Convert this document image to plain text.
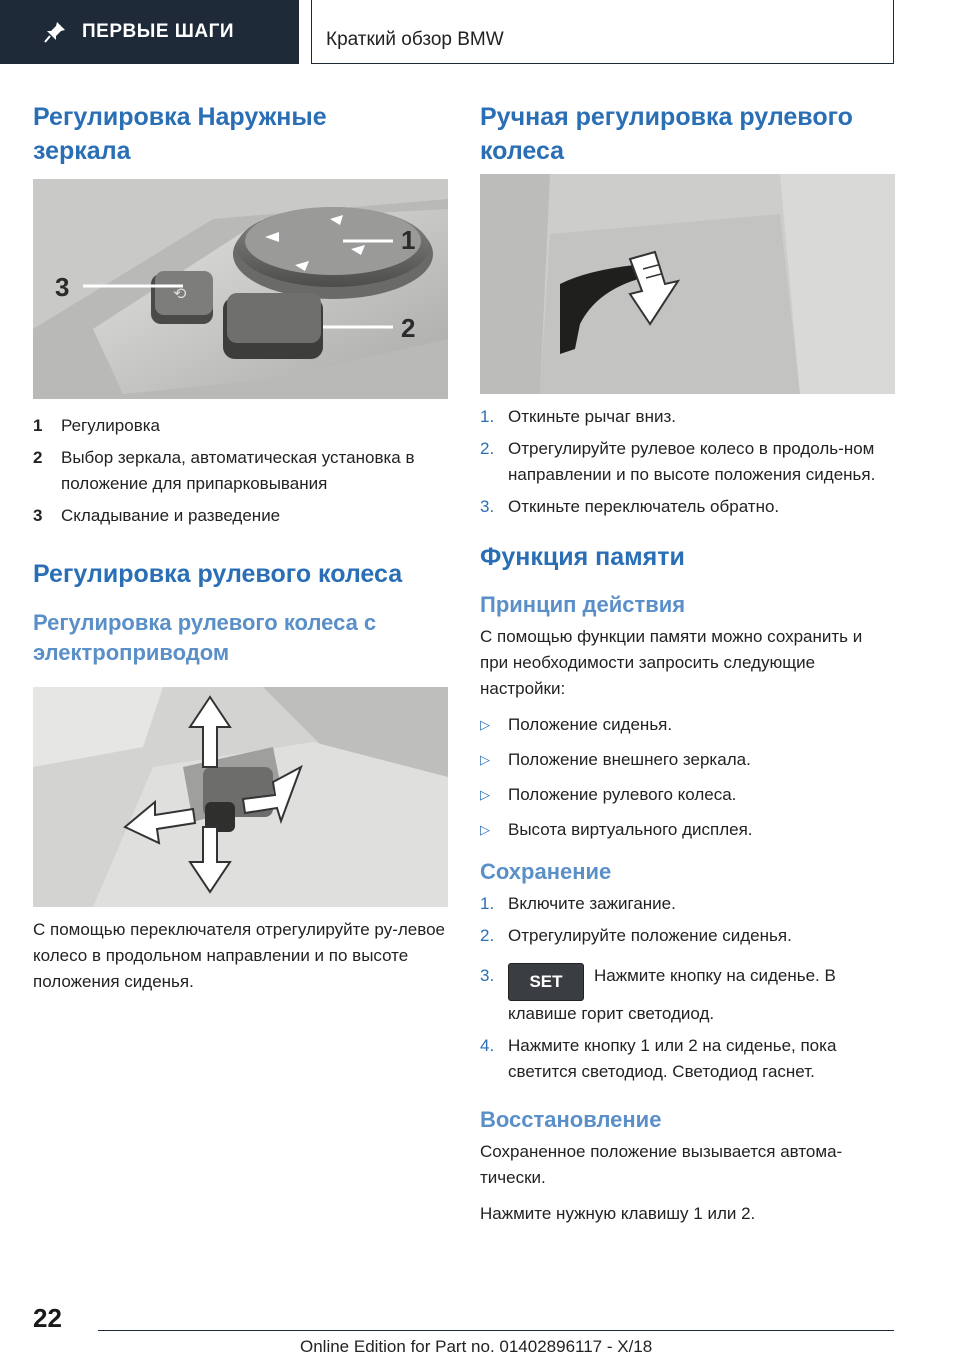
ПЕРВЫЕ ШАГИ	Краткий обзор BMW
Регулировка Наружные зеркала
⟲
1
2
3
1	Регулировка
2	Выбор зеркала, автоматическая установка в положение для припарковывания
3	Складывание и разведение
Регулировка рулевого колеса
Регулировка рулевого колеса с электроприводом

С помощью переключателя отрегулируйте ру-левое колесо в продольном направлении и по высоте положения сиденья.

Ручная регулировка рулевого колеса
1. Откиньте рычаг вниз.
2. Отрегулируйте рулевое колесо в продоль-ном направлении и по высоте положения сиденья.
3. Откиньте переключатель обратно.
Функция памяти
Принцип действия

С помощью функции памяти можно сохранить и при необходимости запросить следующие настройки:

▷	Положение сиденья.
▷	Положение внешнего зеркала.
▷	Положение рулевого колеса.
▷	Высота виртуального дисплея.
Сохранение
1. Включите зажигание.
2. Отрегулируйте положение сиденья.
3.	SET Нажмите кнопку на сиденье. В клавише горит светодиод.
4. Нажмите кнопку 1 или 2 на сиденье, пока светится светодиод. Светодиод гаснет.
Восстановление

Сохраненное положение вызывается автома-тически.

Нажмите нужную клавишу 1 или 2.

22
Online Edition for Part no. 01402896117 - X/18
